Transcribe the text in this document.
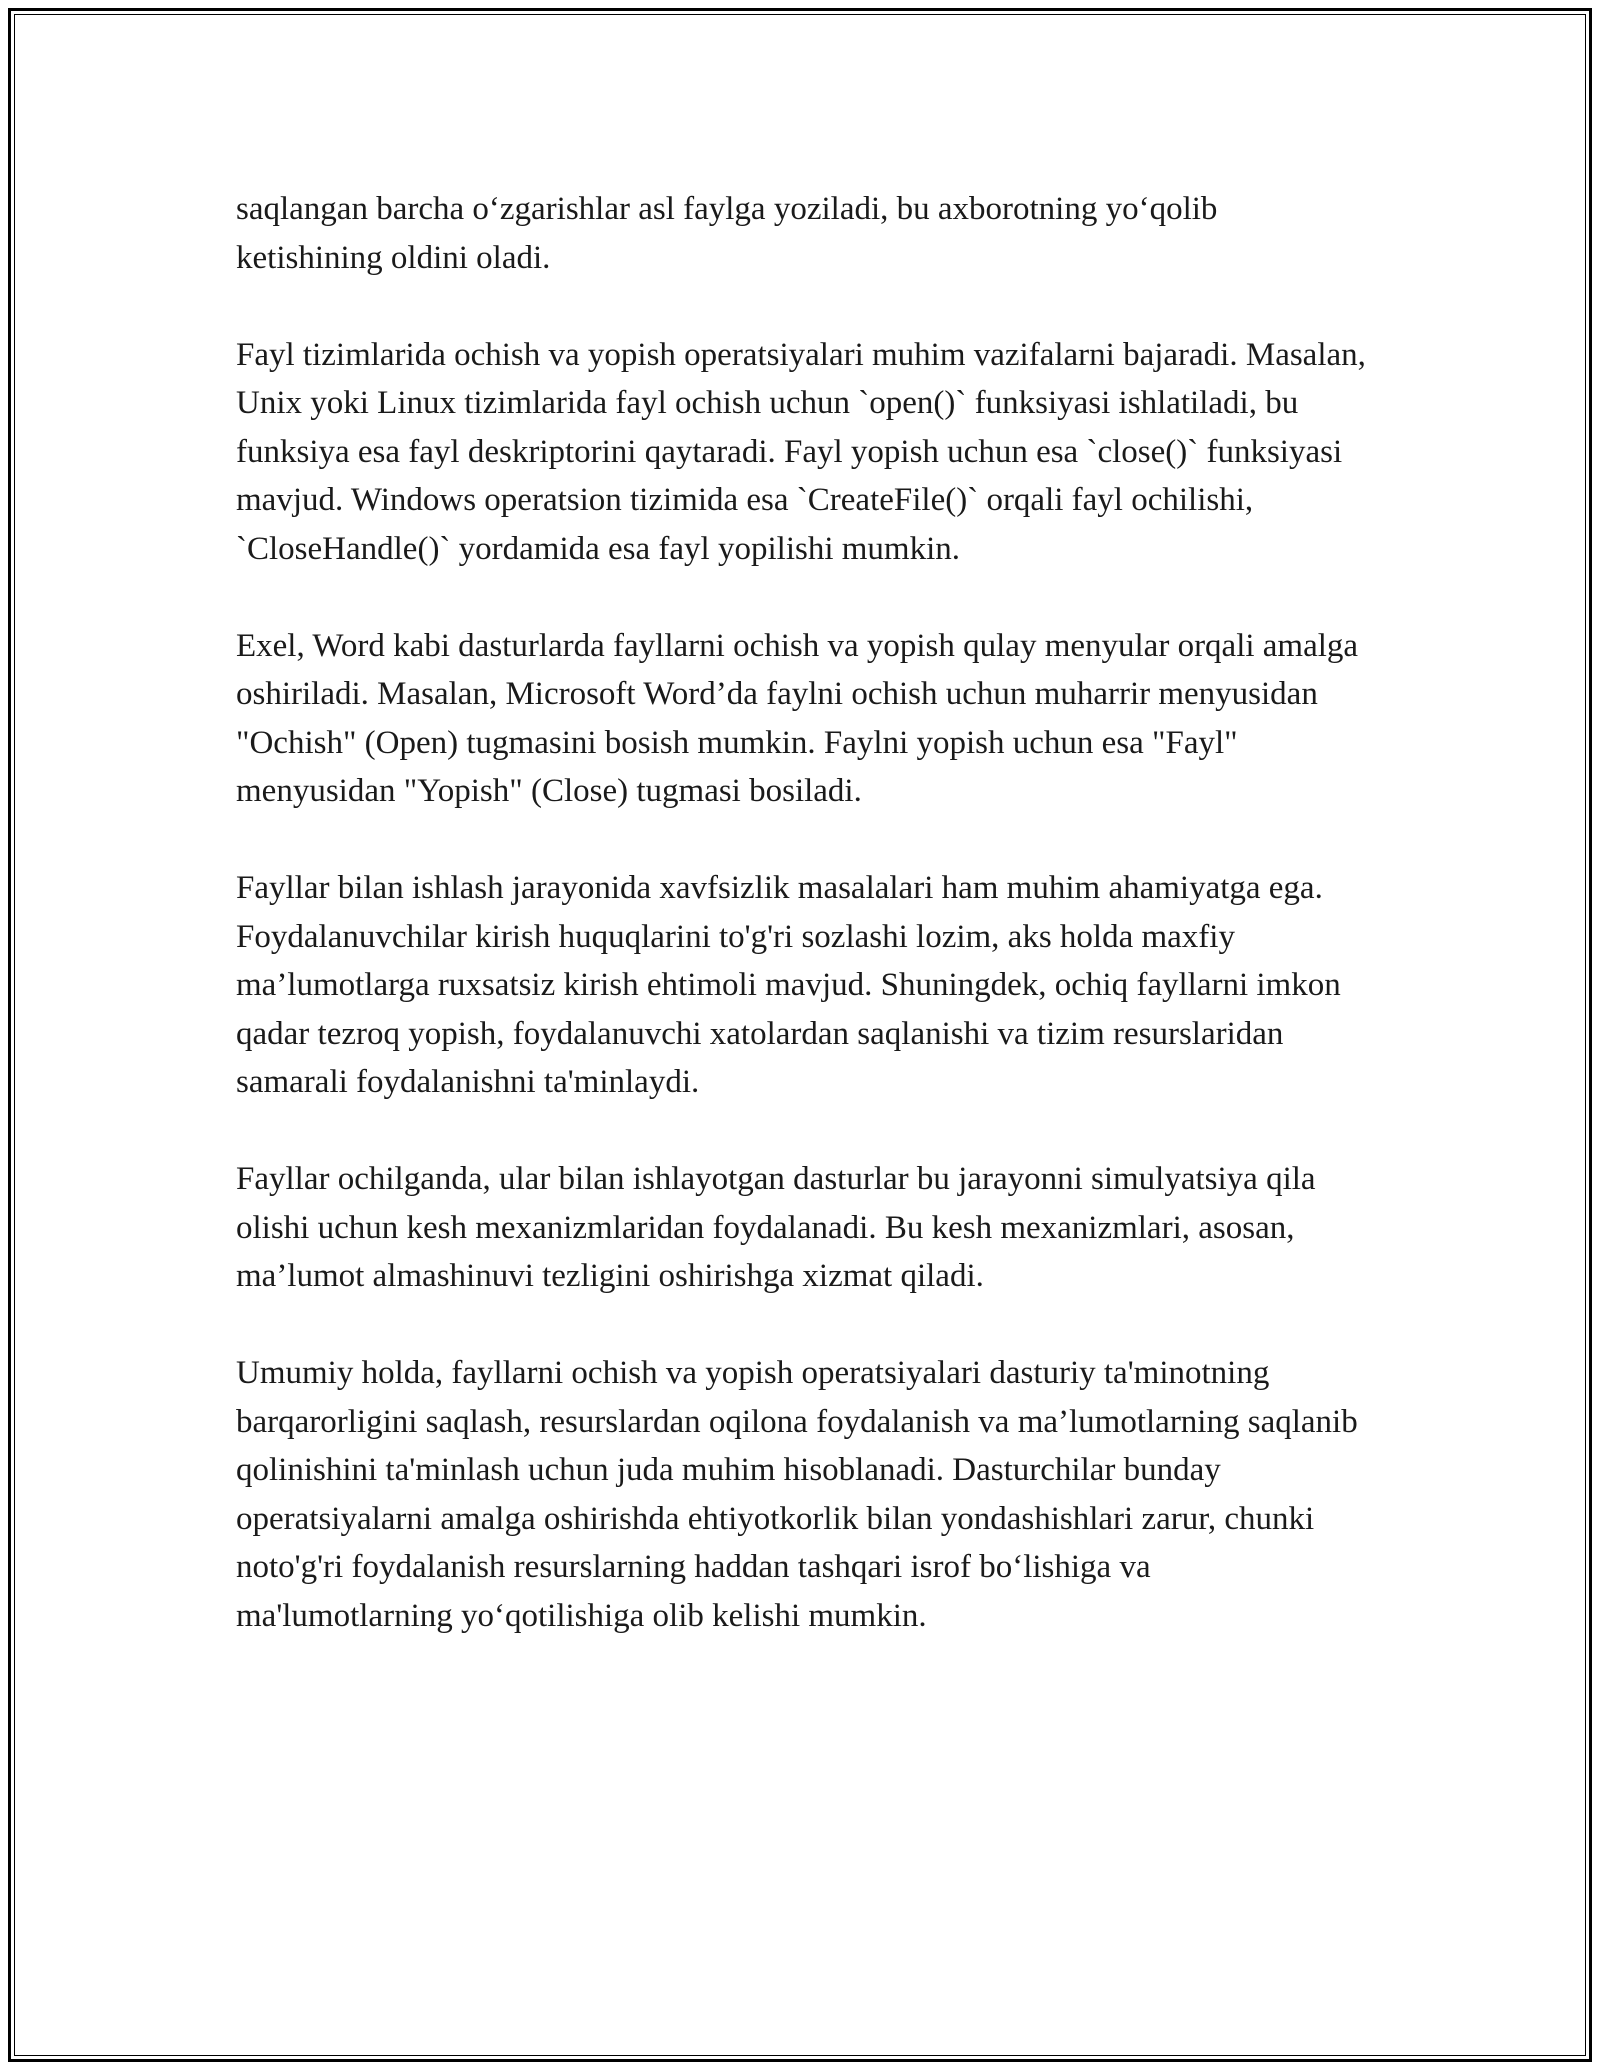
saqlangan barcha o‘zgarishlar asl faylga yoziladi, bu axborotning yo‘qolib ketishining oldini oladi.

Fayl tizimlarida ochish va yopish operatsiyalari muhim vazifalarni bajaradi. Masalan, Unix yoki Linux tizimlarida fayl ochish uchun `open()` funksiyasi ishlatiladi, bu funksiya esa fayl deskriptorini qaytaradi. Fayl yopish uchun esa `close()` funksiyasi mavjud. Windows operatsion tizimida esa `CreateFile()` orqali fayl ochilishi, `CloseHandle()` yordamida esa fayl yopilishi mumkin.

Exel, Word kabi dasturlarda fayllarni ochish va yopish qulay menyular orqali amalga oshiriladi. Masalan, Microsoft Word’da faylni ochish uchun muharrir menyusidan "Ochish" (Open) tugmasini bosish mumkin. Faylni yopish uchun esa "Fayl" menyusidan "Yopish" (Close) tugmasi bosiladi.

Fayllar bilan ishlash jarayonida xavfsizlik masalalari ham muhim ahamiyatga ega. Foydalanuvchilar kirish huquqlarini to'g'ri sozlashi lozim, aks holda maxfiy ma’lumotlarga ruxsatsiz kirish ehtimoli mavjud. Shuningdek, ochiq fayllarni imkon qadar tezroq yopish, foydalanuvchi xatolardan saqlanishi va tizim resurslaridan samarali foydalanishni ta'minlaydi.

Fayllar ochilganda, ular bilan ishlayotgan dasturlar bu jarayonni simulyatsiya qila olishi uchun kesh mexanizmlaridan foydalanadi. Bu kesh mexanizmlari, asosan, ma’lumot almashinuvi tezligini oshirishga xizmat qiladi.

Umumiy holda, fayllarni ochish va yopish operatsiyalari dasturiy ta'minotning barqarorligini saqlash, resurslardan oqilona foydalanish va ma’lumotlarning saqlanib qolinishini ta'minlash uchun juda muhim hisoblanadi. Dasturchilar bunday operatsiyalarni amalga oshirishda ehtiyotkorlik bilan yondashishlari zarur, chunki noto'g'ri foydalanish resurslarning haddan tashqari isrof bo‘lishiga va ma'lumotlarning yo‘qotilishiga olib kelishi mumkin.
